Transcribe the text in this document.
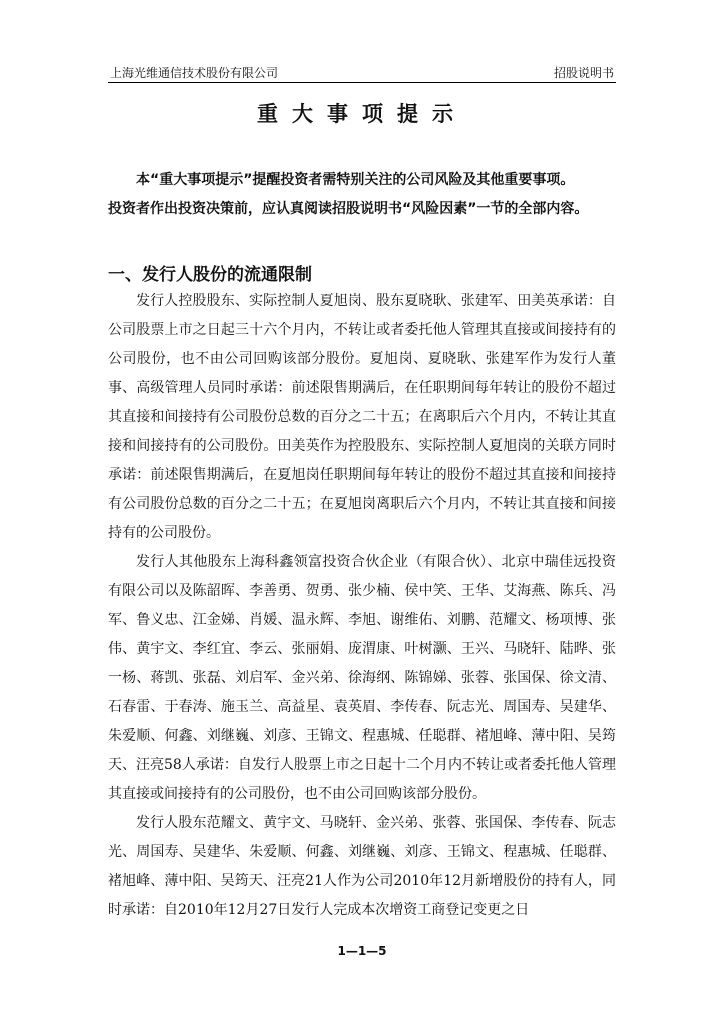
上海光维通信技术股份有限公司	招股说明书
重大事项提示

本“重大事项提示”提醒投资者需特别关注的公司风险及其他重要事项。

投资者作出投资决策前，应认真阅读招股说明书“风险因素”一节的全部内容。

一、发行人股份的流通限制

发行人控股股东、实际控制人夏旭岗、股东夏晓耿、张建军、田美英承诺：自公司股票上市之日起三十六个月内，不转让或者委托他人管理其直接或间接持有的公司股份，也不由公司回购该部分股份。夏旭岗、夏晓耿、张建军作为发行人董事、高级管理人员同时承诺：前述限售期满后，在任职期间每年转让的股份不超过其直接和间接持有公司股份总数的百分之二十五；在离职后六个月内，不转让其直接和间接持有的公司股份。田美英作为控股股东、实际控制人夏旭岗的关联方同时承诺：前述限售期满后，在夏旭岗任职期间每年转让的股份不超过其直接和间接持有公司股份总数的百分之二十五；在夏旭岗离职后六个月内，不转让其直接和间接持有的公司股份。

发行人其他股东上海科鑫领富投资合伙企业（有限合伙）、北京中瑞佳远投资有限公司以及陈韶晖、李善勇、贺勇、张少楠、侯中笑、王华、艾海燕、陈兵、冯军、鲁义忠、江金娣、肖媛、温永辉、李旭、谢维佑、刘鹏、范耀文、杨项博、张伟、黄宇文、李红宜、李云、张丽娟、庞渭康、叶树灏、王兴、马晓轩、陆晔、张一杨、蒋凯、张磊、刘启军、金兴弟、徐海纲、陈锦娣、张蓉、张国保、徐文清、石春雷、于春涛、施玉兰、高益星、袁英眉、李传春、阮志光、周国寿、吴建华、朱爱顺、何鑫、刘继巍、刘彦、王锦文、程惠城、任聪群、褚旭峰、薄中阳、吴筠天、汪亮58人承诺：自发行人股票上市之日起十二个月内不转让或者委托他人管理其直接或间接持有的公司股份，也不由公司回购该部分股份。

发行人股东范耀文、黄宇文、马晓轩、金兴弟、张蓉、张国保、李传春、阮志光、周国寿、吴建华、朱爱顺、何鑫、刘继巍、刘彦、王锦文、程惠城、任聪群、褚旭峰、薄中阳、吴筠天、汪亮21人作为公司2010年12月新增股份的持有人，同时承诺：自2010年12月27日发行人完成本次增资工商登记变更之日

1—1—5
